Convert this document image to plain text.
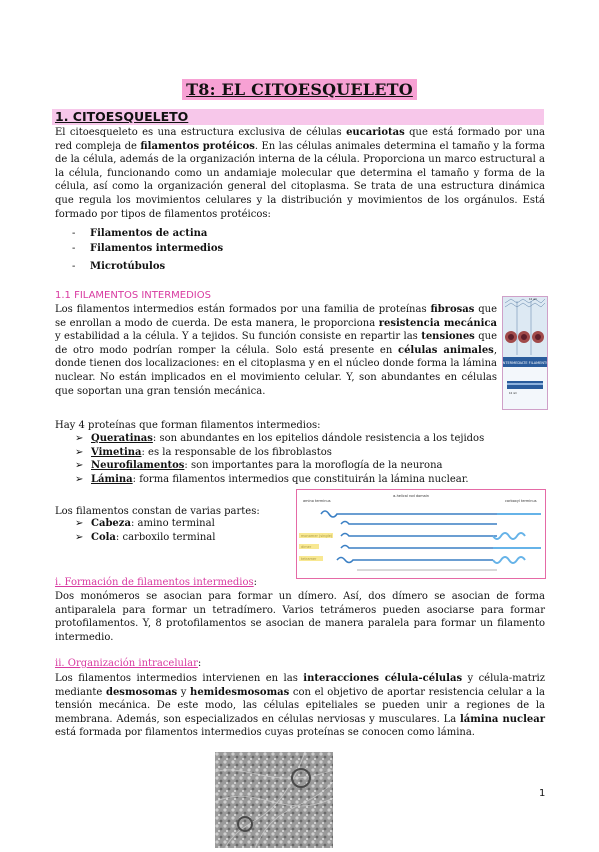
T8: EL CITOESQUELETO
1. CITOESQUELETO

El citoesqueleto es una estructura exclusiva de células eucariotas que está formado por una red compleja de filamentos protéicos. En las células animales determina el tamaño y la forma de la célula, además de la organización interna de la célula. Proporciona un marco estructural a la célula, funcionando como un andamiaje molecular que determina el tamaño y forma de la célula, así como la organización general del citoplasma. Se trata de una estructura dinámica que regula los movimientos celulares y la distribución y movimientos de los orgánulos. Está formado por tipos de filamentos protéicos:

- Filamentos de actina
- Filamentos intermedios
- Microtúbulos
1.1 FILAMENTOS INTERMEDIOS

Los filamentos intermedios están formados por una familia de proteínas fibrosas que se enrollan a modo de cuerda. De esta manera, le proporciona resistencia mecánica y estabilidad a la célula. Y a tejidos. Su función consiste en repartir las tensiones que de otro modo podrían romper la célula. Solo está presente en células animales, donde tienen dos localizaciones: en el citoplasma y en el núcleo donde forma la lámina nuclear. No están implicados en el movimiento celular. Y, son abundantes en células que soportan una gran tensión mecánica.

INTERMEDIATE FILAMENTS
10 µm
10 nm
Hay 4 proteínas que forman filamentos intermedios:
➢ Queratinas: son abundantes en los epitelios dándole resistencia a los tejidos
➢ Vimetina: es la responsable de los fibroblastos
➢ Neurofilamentos: son importantes para la moroflogía de la neurona
➢ Lámina: forma filamentos intermedios que constituirán la lámina nuclear.
Los filamentos constan de varias partes:
➢ Cabeza: amino terminal
➢ Cola: carboxilo terminal
α-helical rod domain
amino terminus	carboxyl terminus
i. Formación de filamentos intermedios:

Dos monómeros se asocian para formar un dímero. Así, dos dímero se asocian de forma antiparalela para formar un tetradímero. Varios tetrámeros pueden asociarse para formar protofilamentos. Y, 8 protofilamentos se asocian de manera paralela para formar un filamento intermedio.

ii. Organización intracelular:

Los filamentos intermedios intervienen en las interacciones célula-células y célula-matriz mediante desmosomas y hemidesmosomas con el objetivo de aportar resistencia celular a la tensión mecánica. De este modo, las células epiteliales se pueden unir a regiones de la membrana. Además, son especializados en células nerviosas y musculares. La lámina nuclear está formada por filamentos intermedios cuyas proteínas se conocen como lámina.

1
